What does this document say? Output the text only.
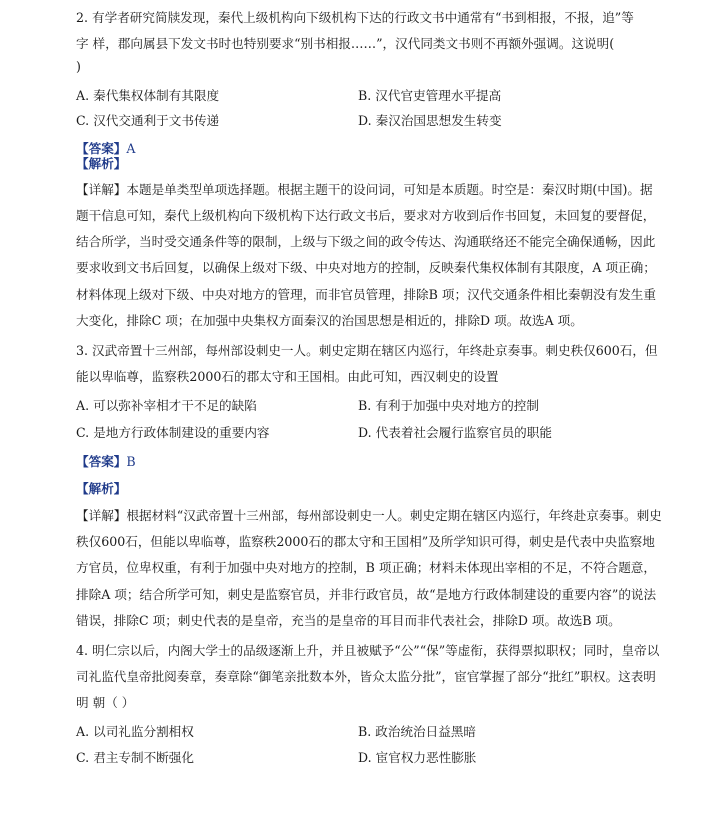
2. 有学者研究简牍发现，秦代上级机构向下级机构下达的行政文书中通常有“书到相报，不报，追”等
字 样，郡向属县下发文书时也特别要求“别书相报……”，汉代同类文书则不再额外强调。这说明(
)
A. 秦代集权体制有其限度	B. 汉代官吏管理水平提高
C. 汉代交通利于文书传递	D. 秦汉治国思想发生转变
【答案】A
【解析】
【详解】本题是单类型单项选择题。根据主题干的设问词，可知是本质题。时空是：秦汉时期(中国)。据
题干信息可知，秦代上级机构向下级机构下达行政文书后，要求对方收到后作书回复，未回复的要督促，
结合所学，当时受交通条件等的限制，上级与下级之间的政令传达、沟通联络还不能完全确保通畅，因此
要求收到文书后回复，以确保上级对下级、中央对地方的控制，反映秦代集权体制有其限度，A 项正确；
材料体现上级对下级、中央对地方的管理，而非官员管理，排除B 项；汉代交通条件相比秦朝没有发生重
大变化，排除C 项；在加强中央集权方面秦汉的治国思想是相近的，排除D 项。故选A 项。
3. 汉武帝置十三州部，每州部设刺史一人。刺史定期在辖区内巡行，年终赴京奏事。刺史秩仅600石，但
能以卑临尊，监察秩2000石的郡太守和王国相。由此可知，西汉刺史的设置
A. 可以弥补宰相才干不足的缺陷	B. 有利于加强中央对地方的控制
C. 是地方行政体制建设的重要内容	D. 代表着社会履行监察官员的职能
【答案】B
【解析】
【详解】根据材料“汉武帝置十三州部，每州部设刺史一人。刺史定期在辖区内巡行，年终赴京奏事。刺史
秩仅600石，但能以卑临尊，监察秩2000石的郡太守和王国相”及所学知识可得，刺史是代表中央监察地
方官员，位卑权重，有利于加强中央对地方的控制，B 项正确；材料未体现出宰相的不足，不符合题意，
排除A 项；结合所学可知，刺史是监察官员，并非行政官员，故“是地方行政体制建设的重要内容”的说法
错误，排除C 项；刺史代表的是皇帝，充当的是皇帝的耳目而非代表社会，排除D 项。故选B 项。
4. 明仁宗以后，内阁大学士的品级逐渐上升，并且被赋予“公”“保”等虚衔，获得票拟职权；同时，皇帝以
司礼监代皇帝批阅奏章，奏章除“御笔亲批数本外，皆众太监分批”，宦官掌握了部分“批红”职权。这表明
明 朝（ ）
A. 以司礼监分割相权	B. 政治统治日益黑暗
C. 君主专制不断强化	D. 宦官权力恶性膨胀
